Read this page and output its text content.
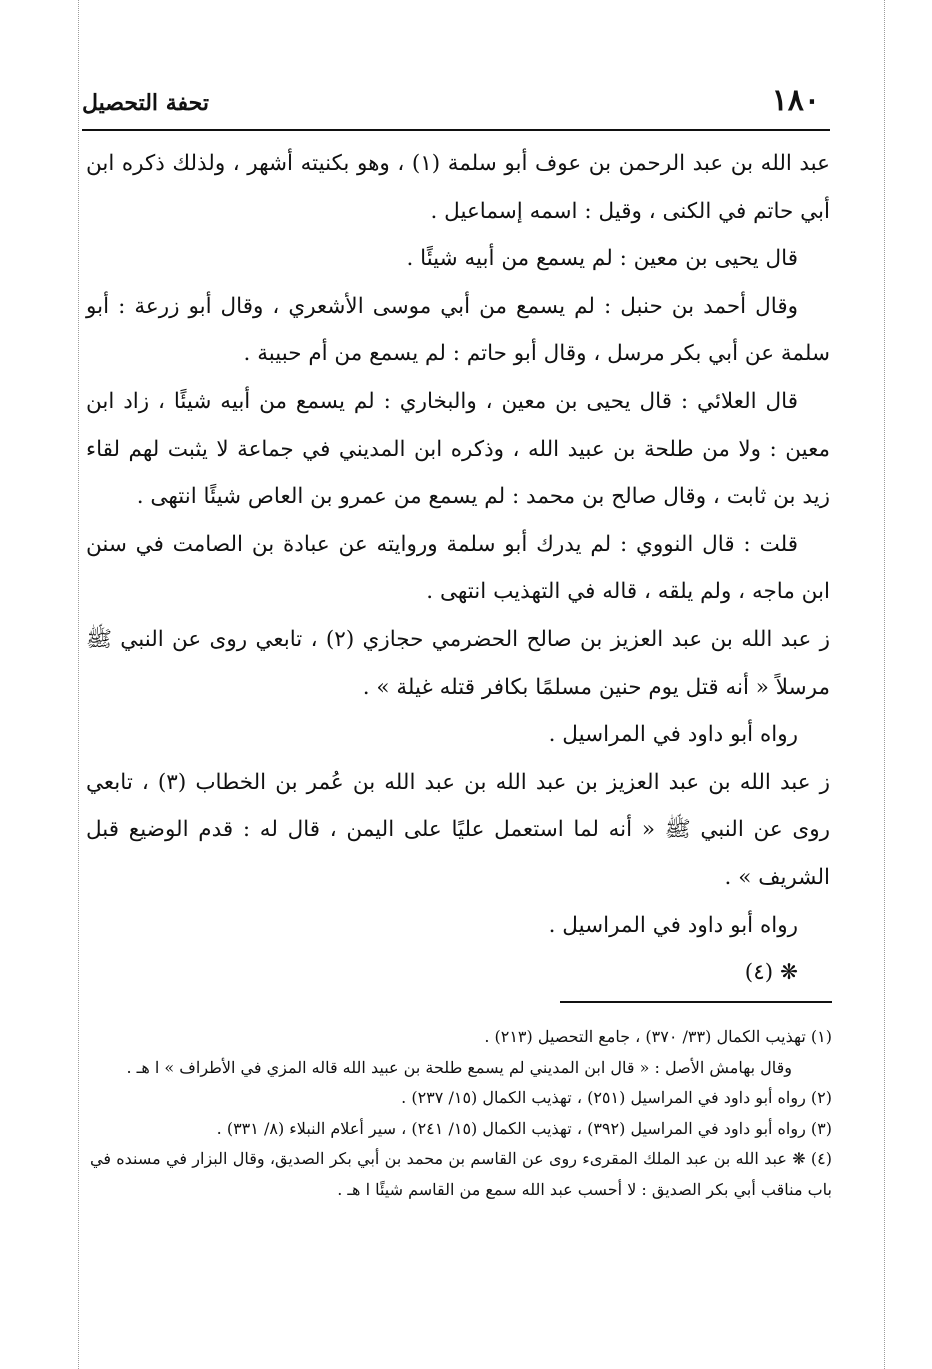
١٨٠
تحفة التحصيل

عبد الله بن عبد الرحمن بن عوف أبو سلمة (١) ، وهو بكنيته أشهر ، ولذلك ذكره ابن أبي حاتم في الكنى ، وقيل : اسمه إسماعيل .

قال يحيى بن معين : لم يسمع من أبيه شيئًا .

وقال أحمد بن حنبل : لم يسمع من أبي موسى الأشعري ، وقال أبو زرعة : أبو سلمة عن أبي بكر مرسل ، وقال أبو حاتم : لم يسمع من أم حبيبة .

قال العلائي : قال يحيى بن معين ، والبخاري : لم يسمع من أبيه شيئًا ، زاد ابن معين : ولا من طلحة بن عبيد الله ، وذكره ابن المديني في جماعة لا يثبت لهم لقاء زيد بن ثابت ، وقال صالح بن محمد : لم يسمع من عمرو بن العاص شيئًا انتهى .

قلت : قال النووي : لم يدرك أبو سلمة وروايته عن عبادة بن الصامت في سنن ابن ماجه ، ولم يلقه ، قاله في التهذيب انتهى .

ز عبد الله بن عبد العزيز بن صالح الحضرمي حجازي (٢) ، تابعي روى عن النبي ﷺ مرسلاً « أنه قتل يوم حنين مسلمًا بكافر قتله غيلة » .

رواه أبو داود في المراسيل .

ز عبد الله بن عبد العزيز بن عبد الله بن عبد الله بن عُمر بن الخطاب (٣) ، تابعي روى عن النبي ﷺ « أنه لما استعمل عليًا على اليمن ، قال له : قدم الوضيع قبل الشريف » .

رواه أبو داود في المراسيل .

❋ (٤)

(١) تهذيب الكمال (٣٣/ ٣٧٠) ، جامع التحصيل (٢١٣) .

وقال بهامش الأصل : « قال ابن المديني لم يسمع طلحة بن عبيد الله قاله المزي في الأطراف » ا هـ .

(٢) رواه أبو داود في المراسيل (٢٥١) ، تهذيب الكمال (١٥/ ٢٣٧) .

(٣) رواه أبو داود في المراسيل (٣٩٢) ، تهذيب الكمال (١٥/ ٢٤١) ، سير أعلام النبلاء (٨/ ٣٣١) .

(٤) ❋ عبد الله بن عبد الملك المقرىء روى عن القاسم بن محمد بن أبي بكر الصديق، وقال البزار في مسنده في باب مناقب أبي بكر الصديق : لا أحسب عبد الله سمع من القاسم شيئًا ا هـ .
